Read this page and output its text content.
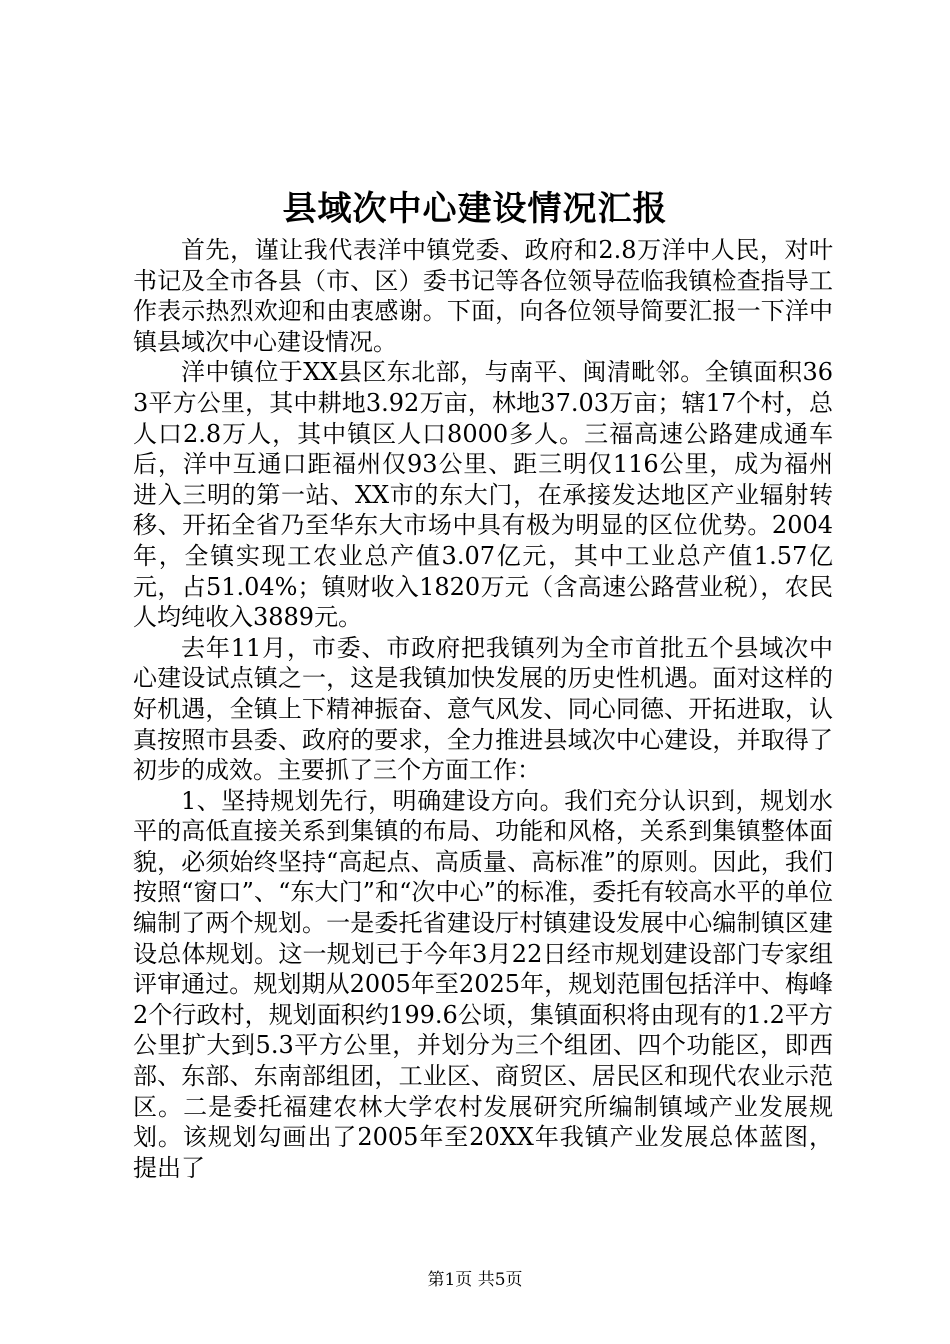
县域次中心建设情况汇报

首先，谨让我代表洋中镇党委、政府和2.8万洋中人民，对叶书记及全市各县（市、区）委书记等各位领导莅临我镇检查指导工作表示热烈欢迎和由衷感谢。下面，向各位领导简要汇报一下洋中镇县域次中心建设情况。

洋中镇位于XX县区东北部，与南平、闽清毗邻。全镇面积363平方公里，其中耕地3.92万亩，林地37.03万亩；辖17个村，总人口2.8万人，其中镇区人口8000多人。三福高速公路建成通车后，洋中互通口距福州仅93公里、距三明仅116公里，成为福州进入三明的第一站、XX市的东大门，在承接发达地区产业辐射转移、开拓全省乃至华东大市场中具有极为明显的区位优势。2004年，全镇实现工农业总产值3.07亿元，其中工业总产值1.57亿元，占51.04%；镇财收入1820万元（含高速公路营业税），农民人均纯收入3889元。

去年11月，市委、市政府把我镇列为全市首批五个县域次中心建设试点镇之一，这是我镇加快发展的历史性机遇。面对这样的好机遇，全镇上下精神振奋、意气风发、同心同德、开拓进取，认真按照市县委、政府的要求，全力推进县域次中心建设，并取得了初步的成效。主要抓了三个方面工作：

1、坚持规划先行，明确建设方向。我们充分认识到，规划水平的高低直接关系到集镇的布局、功能和风格，关系到集镇整体面貌，必须始终坚持“高起点、高质量、高标准”的原则。因此，我们按照“窗口”、“东大门”和“次中心”的标准，委托有较高水平的单位编制了两个规划。一是委托省建设厅村镇建设发展中心编制镇区建设总体规划。这一规划已于今年3月22日经市规划建设部门专家组评审通过。规划期从2005年至2025年，规划范围包括洋中、梅峰2个行政村，规划面积约199.6公顷，集镇面积将由现有的1.2平方公里扩大到5.3平方公里，并划分为三个组团、四个功能区，即西部、东部、东南部组团，工业区、商贸区、居民区和现代农业示范区。二是委托福建农林大学农村发展研究所编制镇域产业发展规划。该规划勾画出了2005年至20XX年我镇产业发展总体蓝图，提出了

第1页 共5页
